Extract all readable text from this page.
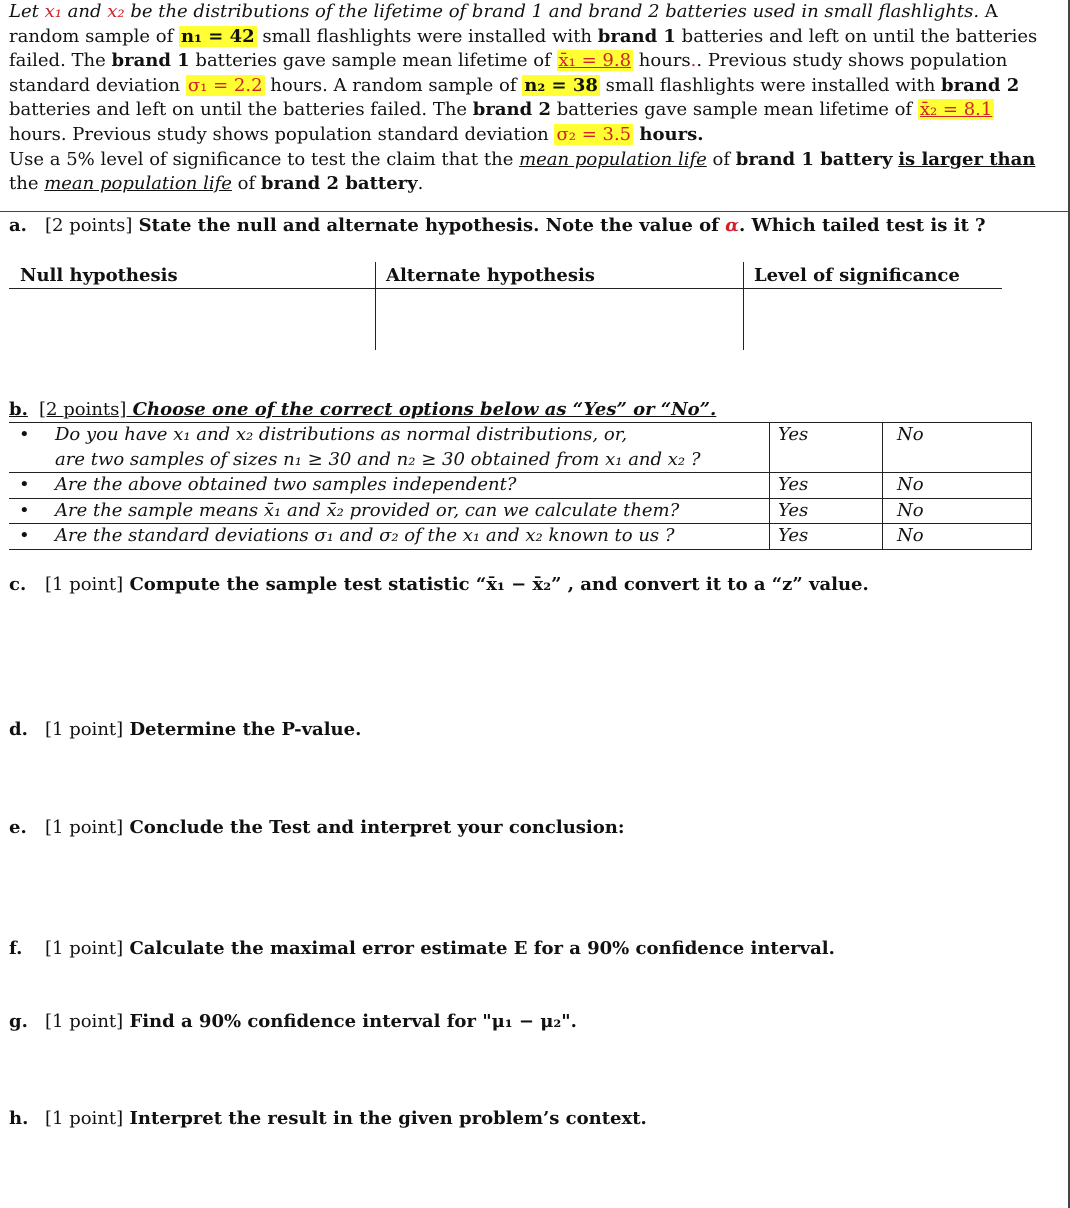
Let x₁ and x₂ be the distributions of the lifetime of brand 1 and brand 2 batteries used in small flashlights. A random sample of n₁ = 42 small flashlights were installed with brand 1 batteries and left on until the batteries failed. The brand 1 batteries gave sample mean lifetime of x̄₁ = 9.8 hours.. Previous study shows population standard deviation σ₁ = 2.2 hours. A random sample of n₂ = 38 small flashlights were installed with brand 2 batteries and left on until the batteries failed. The brand 2 batteries gave sample mean lifetime of x̄₂ = 8.1 hours. Previous study shows population standard deviation σ₂ = 3.5 hours.
Use a 5% level of significance to test the claim that the mean population life of brand 1 battery is larger than the mean population life of brand 2 battery.
a. [2 points] State the null and alternate hypothesis. Note the value of α. Which tailed test is it ?
Null hypothesis	Alternate hypothesis	Level of significance
b. [2 points] Choose one of the correct options below as “Yes” or “No”.
• Do you have x₁ and x₂ distributions as normal distributions, or,
are two samples of sizes n₁ ≥ 30 and n₂ ≥ 30 obtained from x₁ and x₂ ?	Yes	No

• Are the above obtained two samples independent?	Yes	No

• Are the sample means x̄₁ and x̄₂ provided or, can we calculate them?	Yes	No

• Are the standard deviations σ₁ and σ₂ of the x₁ and x₂ known to us ?	Yes	No
c. [1 point] Compute the sample test statistic “x̄₁ − x̄₂” , and convert it to a “z” value.
d. [1 point] Determine the P-value.
e. [1 point] Conclude the Test and interpret your conclusion:
f. [1 point] Calculate the maximal error estimate E for a 90% confidence interval.
g. [1 point] Find a 90% confidence interval for "μ₁ − μ₂".
h. [1 point] Interpret the result in the given problem’s context.
